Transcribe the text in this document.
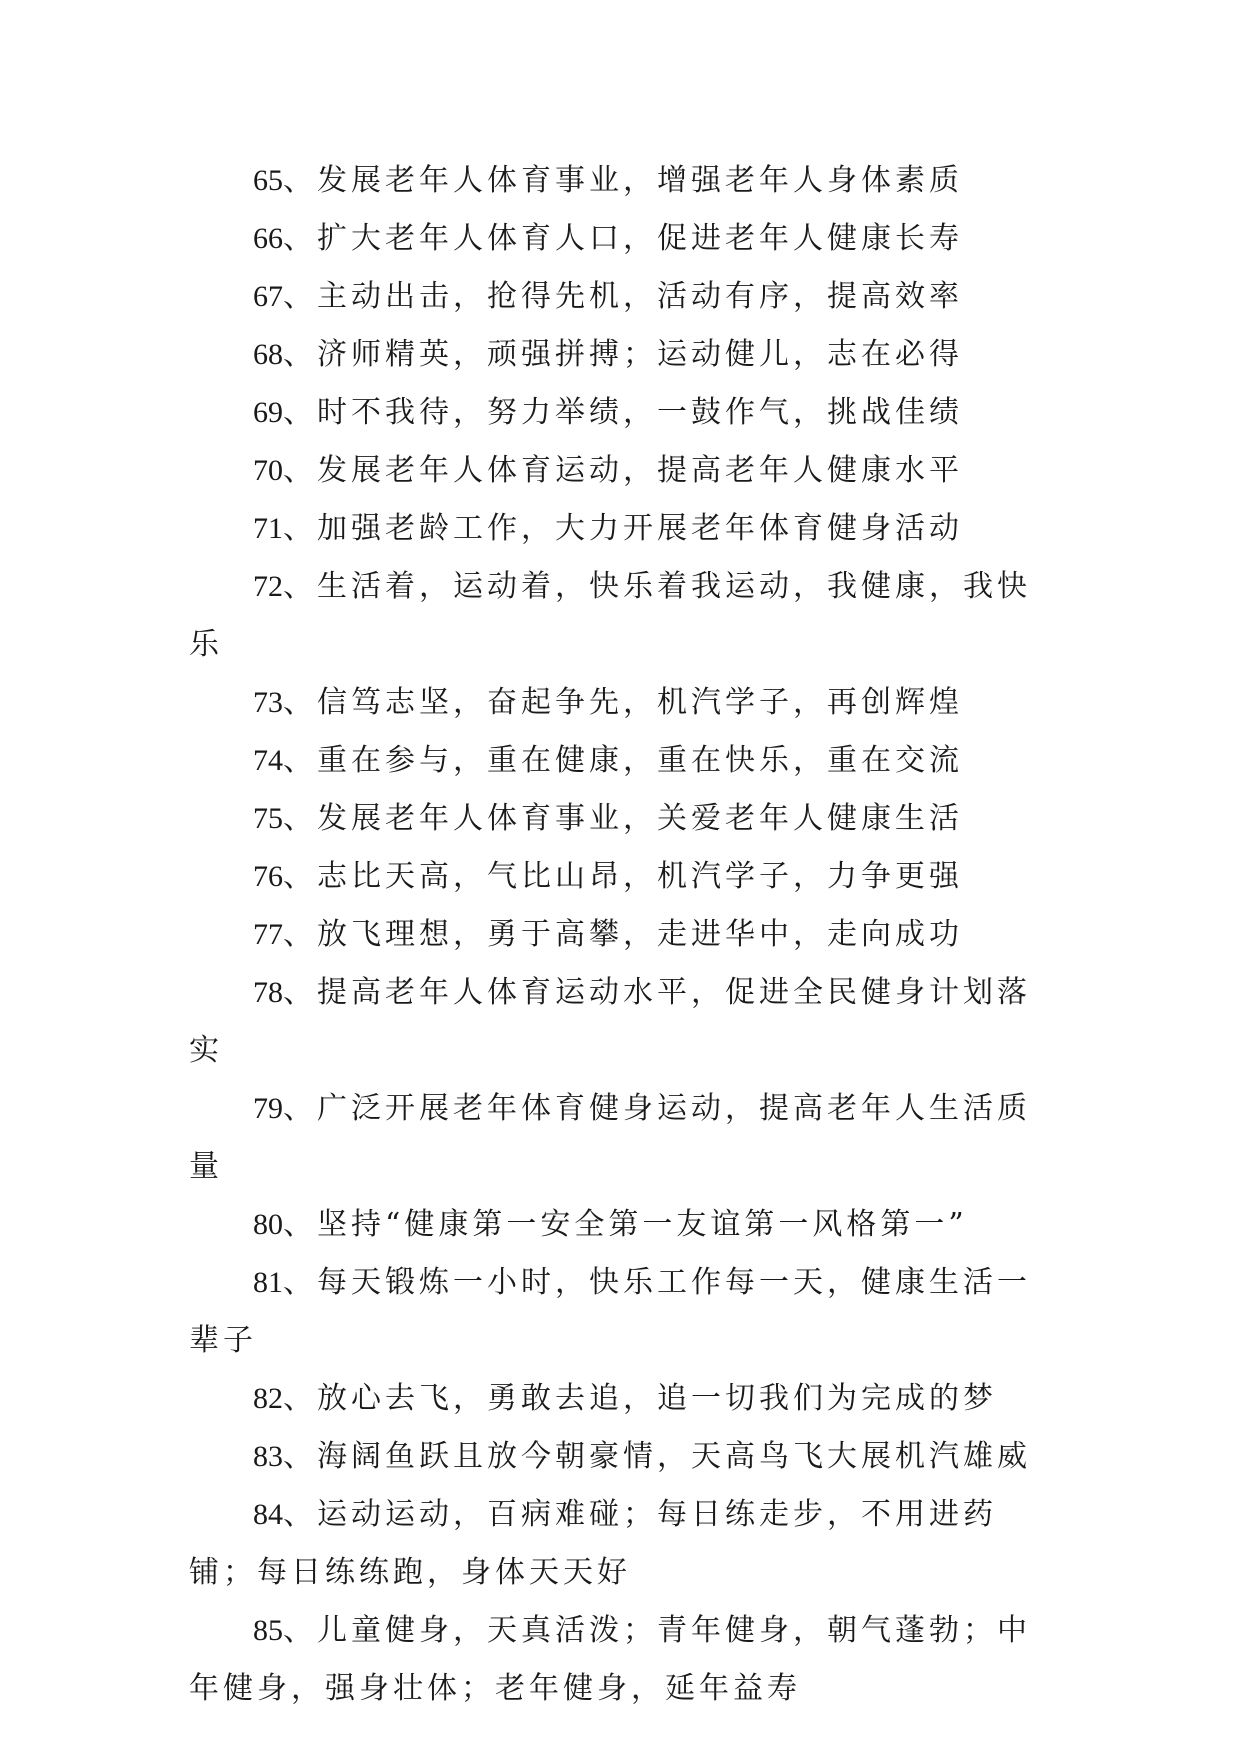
65、发展老年人体育事业，增强老年人身体素质

66、扩大老年人体育人口，促进老年人健康长寿

67、主动出击，抢得先机，活动有序，提高效率

68、济师精英，顽强拼搏；运动健儿，志在必得

69、时不我待，努力举绩，一鼓作气，挑战佳绩

70、发展老年人体育运动，提高老年人健康水平

71、加强老龄工作，大力开展老年体育健身活动

72、生活着，运动着，快乐着我运动，我健康，我快乐

73、信笃志坚，奋起争先，机汽学子，再创辉煌

74、重在参与，重在健康，重在快乐，重在交流

75、发展老年人体育事业，关爱老年人健康生活

76、志比天高，气比山昂，机汽学子，力争更强

77、放飞理想，勇于高攀，走进华中，走向成功

78、提高老年人体育运动水平，促进全民健身计划落实

79、广泛开展老年体育健身运动，提高老年人生活质量

80、坚持“健康第一安全第一友谊第一风格第一”

81、每天锻炼一小时，快乐工作每一天，健康生活一辈子

82、放心去飞，勇敢去追，追一切我们为完成的梦

83、海阔鱼跃且放今朝豪情，天高鸟飞大展机汽雄威

84、运动运动，百病难碰；每日练走步，不用进药铺；每日练练跑，身体天天好

85、儿童健身，天真活泼；青年健身，朝气蓬勃；中年健身，强身壮体；老年健身，延年益寿
